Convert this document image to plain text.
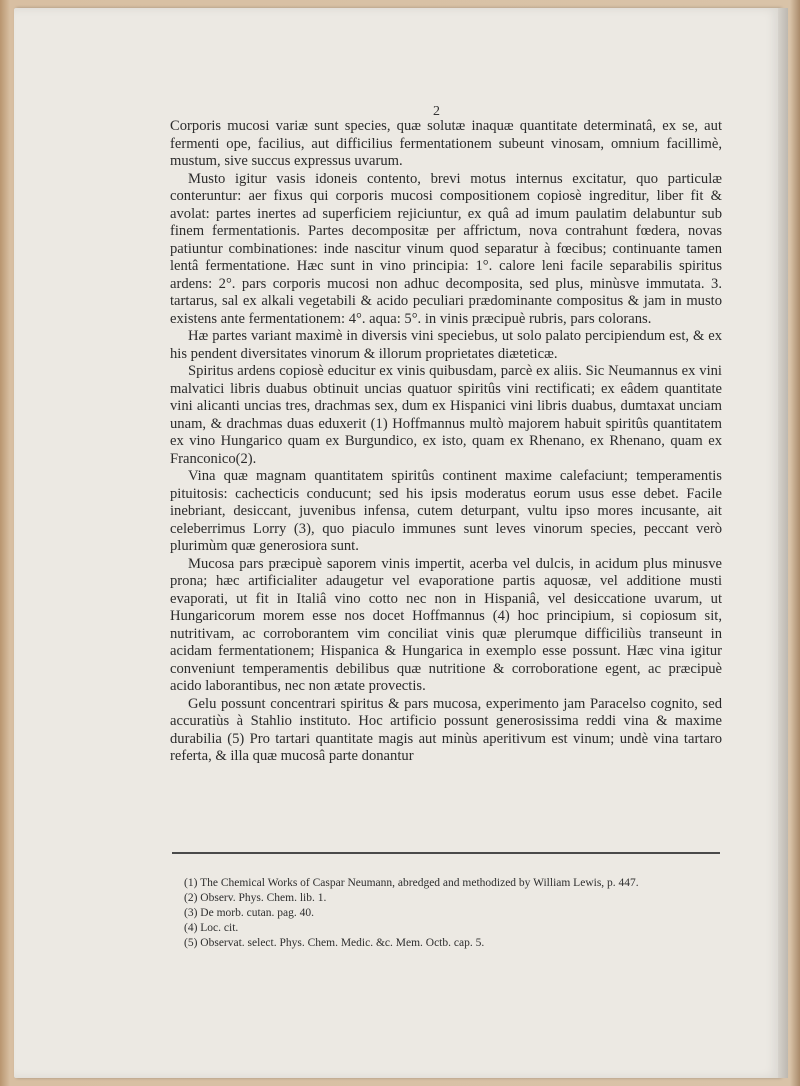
2

Corporis mucosi variæ sunt species, quæ solutæ inaquæ quantitate determinatâ, ex se, aut fermenti ope, facilius, aut difficilius fermentationem subeunt vinosam, omnium facillimè, mustum, sive succus expressus uvarum.

Musto igitur vasis idoneis contento, brevi motus internus excitatur, quo particulæ conteruntur: aer fixus qui corporis mucosi compositionem copiosè ingreditur, liber fit & avolat: partes inertes ad superficiem rejiciuntur, ex quâ ad imum paulatim delabuntur sub finem fermentationis. Partes decompositæ per affrictum, nova contrahunt fœdera, novas patiuntur combinationes: inde nascitur vinum quod separatur à fœcibus; continuante tamen lentâ fermentatione. Hæc sunt in vino principia: 1°. calore leni facile separabilis spiritus ardens: 2°. pars corporis mucosi non adhuc decomposita, sed plus, minùsve immutata. 3. tartarus, sal ex alkali vegetabili & acido peculiari prædominante compositus & jam in musto existens ante fermentationem: 4°. aqua: 5°. in vinis præcipuè rubris, pars colorans.

Hæ partes variant maximè in diversis vini speciebus, ut solo palato percipiendum est, & ex his pendent diversitates vinorum & illorum proprietates diæteticæ.

Spiritus ardens copiosè educitur ex vinis quibusdam, parcè ex aliis. Sic Neumannus ex vini malvatici libris duabus obtinuit uncias quatuor spiritûs vini rectificati; ex eâdem quantitate vini alicanti uncias tres, drachmas sex, dum ex Hispanici vini libris duabus, dumtaxat unciam unam, & drachmas duas eduxerit (1) Hoffmannus multò majorem habuit spiritûs quantitatem ex vino Hungarico quam ex Burgundico, ex isto, quam ex Rhenano, ex Rhenano, quam ex Franconico(2).

Vina quæ magnam quantitatem spiritûs continent maxime calefaciunt; temperamentis pituitosis: cachecticis conducunt; sed his ipsis moderatus eorum usus esse debet. Facile inebriant, desiccant, juvenibus infensa, cutem deturpant, vultu ipso mores incusante, ait celeberrimus Lorry (3), quo piaculo immunes sunt leves vinorum species, peccant verò plurimùm quæ generosiora sunt.

Mucosa pars præcipuè saporem vinis impertit, acerba vel dulcis, in acidum plus minusve prona; hæc artificialiter adaugetur vel evaporatione partis aquosæ, vel additione musti evaporati, ut fit in Italiâ vino cotto nec non in Hispaniâ, vel desiccatione uvarum, ut Hungaricorum morem esse nos docet Hoffmannus (4) hoc principium, si copiosum sit, nutritivam, ac corroborantem vim conciliat vinis quæ plerumque difficiliùs transeunt in acidam fermentationem; Hispanica & Hungarica in exemplo esse possunt. Hæc vina igitur conveniunt temperamentis debilibus quæ nutritione & corroboratione egent, ac præcipuè acido laborantibus, nec non ætate provectis.

Gelu possunt concentrari spiritus & pars mucosa, experimento jam Paracelso cognito, sed accuratiùs à Stahlio instituto. Hoc artificio possunt generosissima reddi vina & maxime durabilia (5) Pro tartari quantitate magis aut minùs aperitivum est vinum; undè vina tartaro referta, & illa quæ mucosâ parte donantur

(1) The Chemical Works of Caspar Neumann, abredged and methodized by William Lewis, p. 447.

(2) Observ. Phys. Chem. lib. 1.

(3) De morb. cutan. pag. 40.

(4) Loc. cit.

(5) Observat. select. Phys. Chem. Medic. &c. Mem. Octb. cap. 5.
